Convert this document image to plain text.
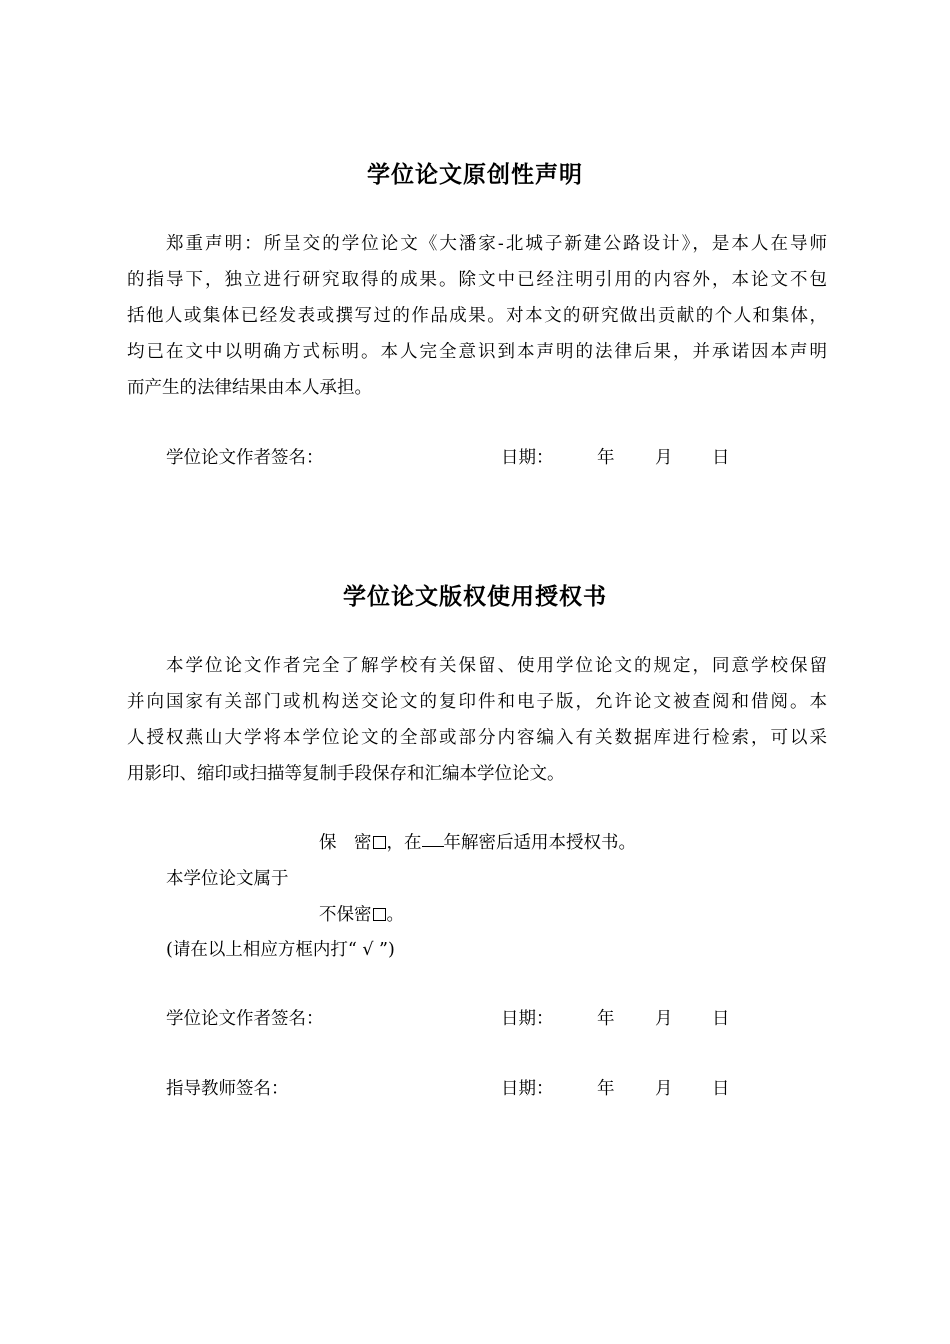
学位论文原创性声明
郑重声明：所呈交的学位论文《大潘家-北城子新建公路设计》，是本人在导师
的指导下，独立进行研究取得的成果。除文中已经注明引用的内容外，本论文不包
括他人或集体已经发表或撰写过的作品成果。对本文的研究做出贡献的个人和集体，
均已在文中以明确方式标明。本人完全意识到本声明的法律后果，并承诺因本声明
而产生的法律结果由本人承担。
学位论文作者签名：	日期： 年 月 日
学位论文版权使用授权书
本学位论文作者完全了解学校有关保留、使用学位论文的规定，同意学校保留
并向国家有关部门或机构送交论文的复印件和电子版，允许论文被查阅和借阅。本
人授权燕山大学将本学位论文的全部或部分内容编入有关数据库进行检索，可以采
用影印、缩印或扫描等复制手段保存和汇编本学位论文。
保　密 ，在 年解密后适用本授权书。
本学位论文属于
不保密 。
(请在以上相应方框内打“ √ ”)
学位论文作者签名：	日期： 年 月 日
指导教师签名：	日期： 年 月 日
